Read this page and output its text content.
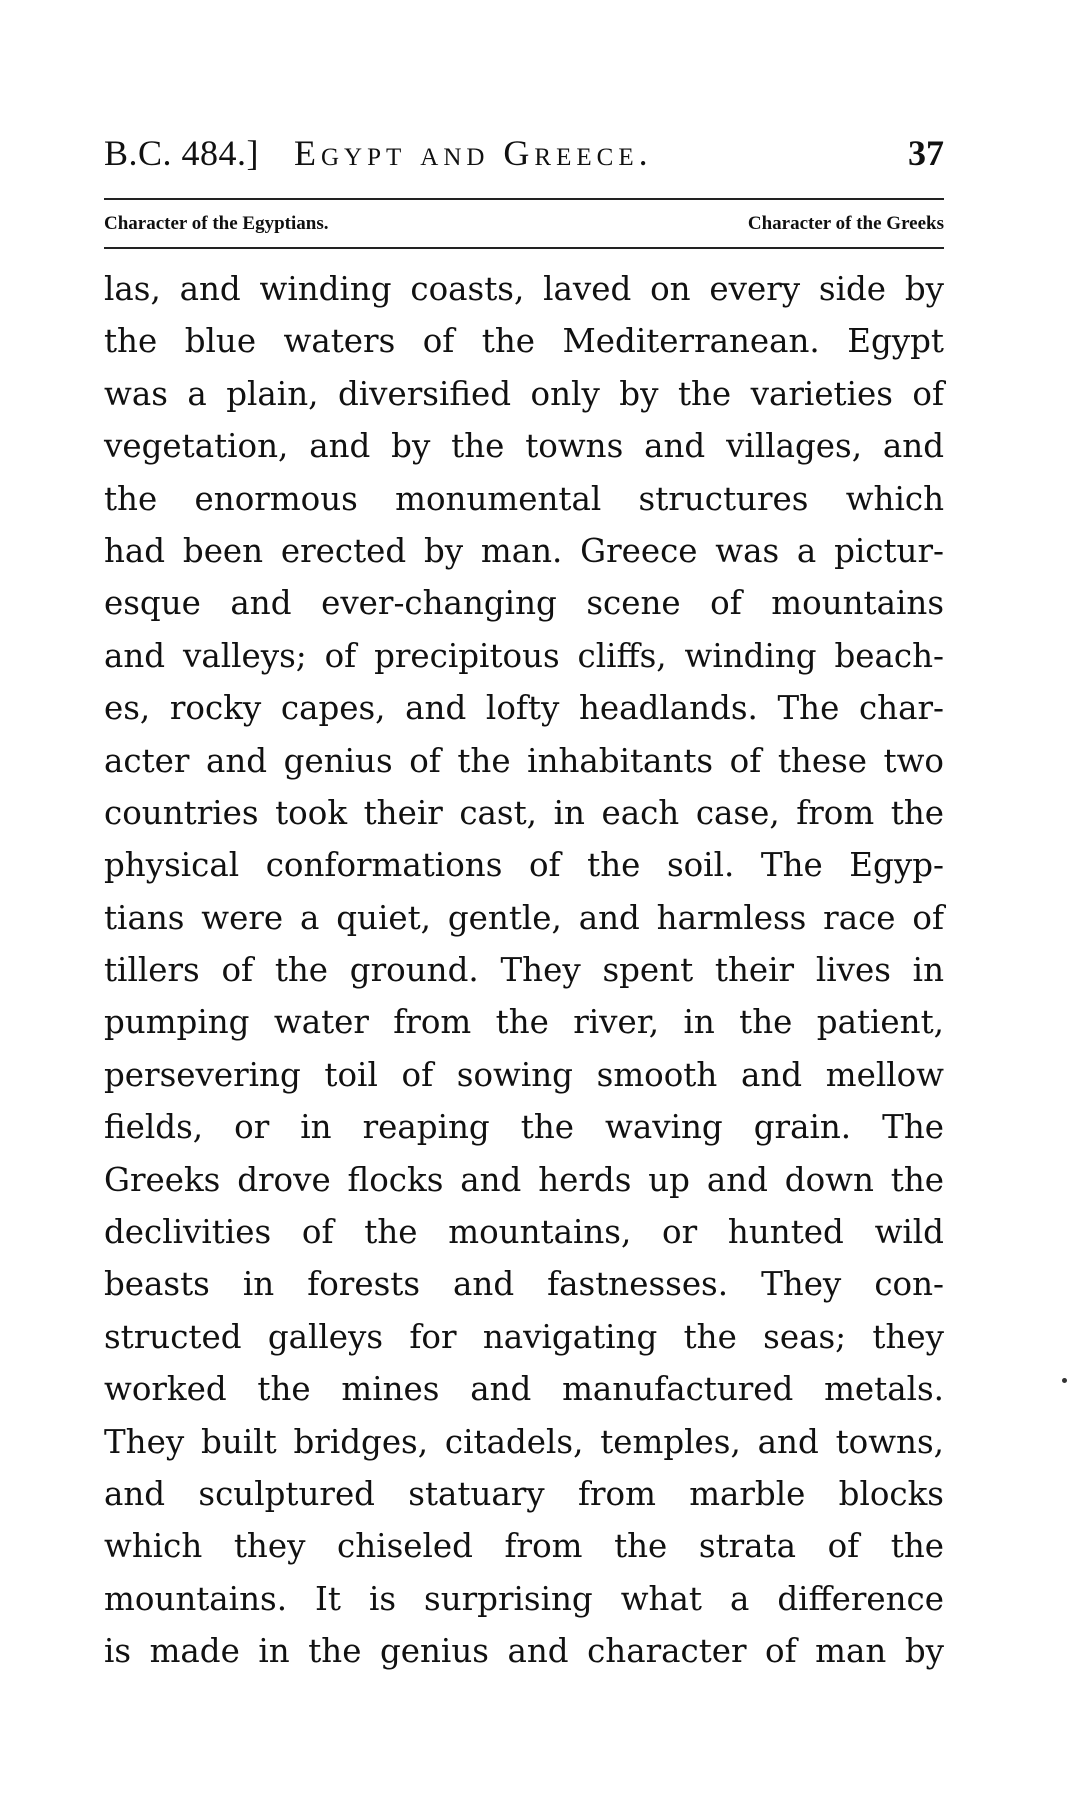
B.C. 484.] Egypt and Greece.	37
Character of the Egyptians.	Character of the Greeks
las, and winding coasts, laved on every side by
the blue waters of the Mediterranean. Egypt
was a plain, diversified only by the varieties of
vegetation, and by the towns and villages, and
the enormous monumental structures which
had been erected by man. Greece was a pictur-
esque and ever-changing scene of mountains
and valleys; of precipitous cliffs, winding beach-
es, rocky capes, and lofty headlands. The char-
acter and genius of the inhabitants of these two
countries took their cast, in each case, from the
physical conformations of the soil. The Egyp-
tians were a quiet, gentle, and harmless race of
tillers of the ground. They spent their lives in
pumping water from the river, in the patient,
persevering toil of sowing smooth and mellow
fields, or in reaping the waving grain. The
Greeks drove flocks and herds up and down the
declivities of the mountains, or hunted wild
beasts in forests and fastnesses. They con-
structed galleys for navigating the seas; they
worked the mines and manufactured metals.
They built bridges, citadels, temples, and towns,
and sculptured statuary from marble blocks
which they chiseled from the strata of the
mountains. It is surprising what a difference
is made in the genius and character of man by
